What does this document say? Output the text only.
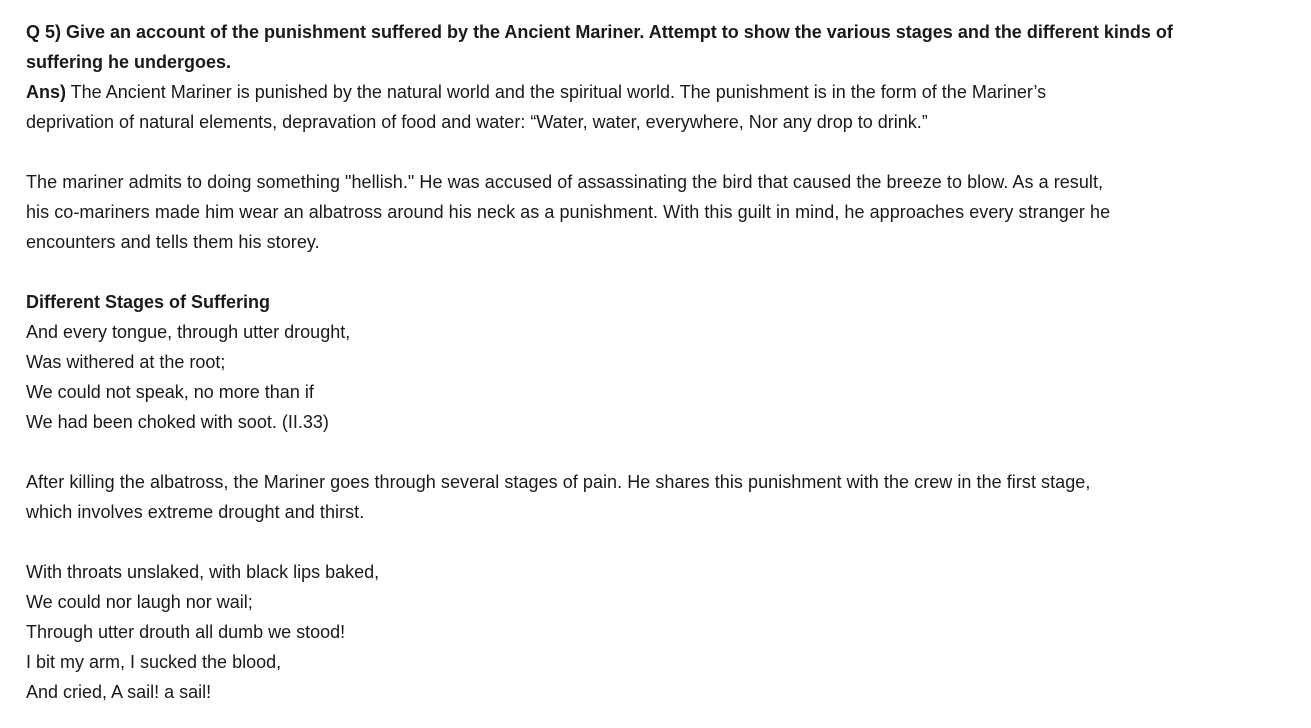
Q 5) Give an account of the punishment suffered by the Ancient Mariner. Attempt to show the various stages and the different kinds of
suffering he undergoes.
Ans) The Ancient Mariner is punished by the natural world and the spiritual world. The punishment is in the form of the Mariner’s
deprivation of natural elements, depravation of food and water: “Water, water, everywhere, Nor any drop to drink.”
The mariner admits to doing something "hellish." He was accused of assassinating the bird that caused the breeze to blow. As a result,
his co-mariners made him wear an albatross around his neck as a punishment. With this guilt in mind, he approaches every stranger he
encounters and tells them his storey.
Different Stages of Suffering
And every tongue, through utter drought,
Was withered at the root;
We could not speak, no more than if
We had been choked with soot. (II.33)
After killing the albatross, the Mariner goes through several stages of pain. He shares this punishment with the crew in the first stage,
which involves extreme drought and thirst.
With throats unslaked, with black lips baked,
We could nor laugh nor wail;
Through utter drouth all dumb we stood!
I bit my arm, I sucked the blood,
And cried, A sail! a sail!
